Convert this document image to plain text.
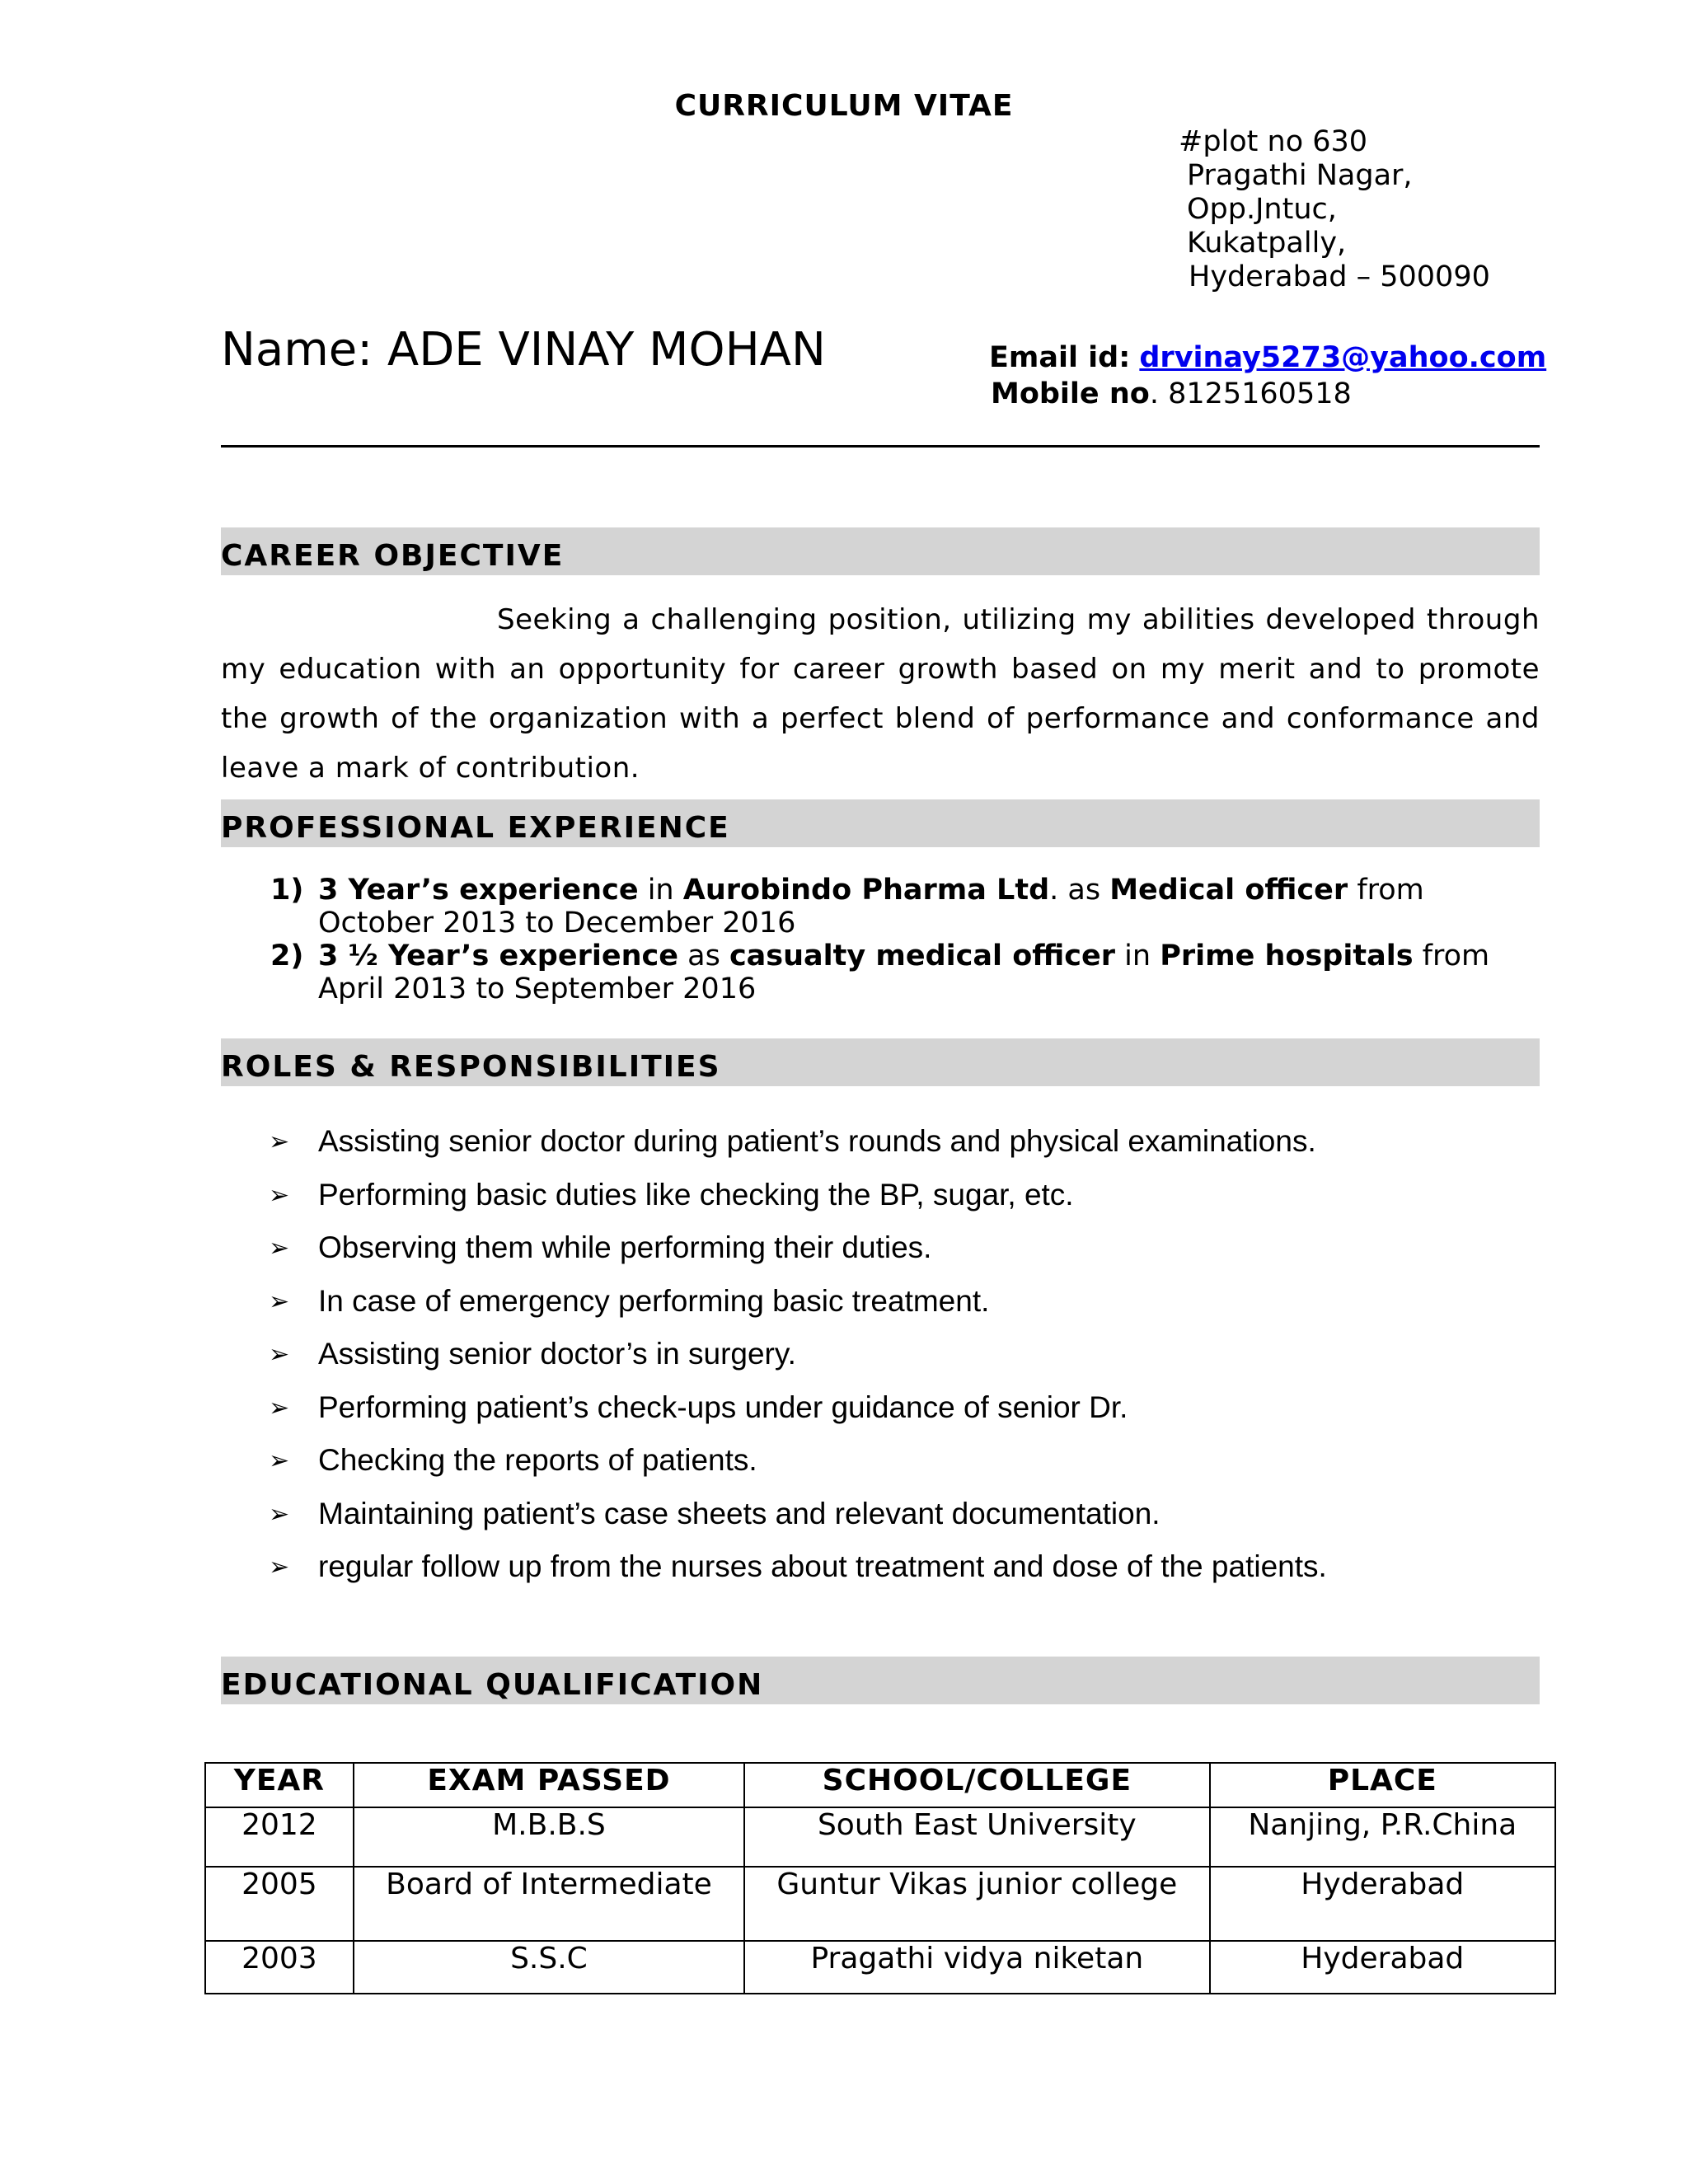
CURRICULUM VITAE
#plot no 630
Pragathi Nagar,
Opp.Jntuc,
Kukatpally,
Hyderabad – 500090
Name: ADE VINAY MOHAN	Email id: drvinay5273@yahoo.com
Mobile no. 8125160518
CAREER OBJECTIVE
Seeking a challenging position, utilizing my abilities developed through my education with an opportunity for career growth based on my merit and to promote the growth of the organization with a perfect blend of performance and conformance and leave a mark of contribution.
PROFESSIONAL EXPERIENCE
1) 3 Year’s experience in Aurobindo Pharma Ltd. as Medical officer from October 2013 to December 2016
2) 3 ½ Year’s experience as casualty medical officer in Prime hospitals from April 2013 to September 2016
ROLES & RESPONSIBILITIES
➢ Assisting senior doctor during patient’s rounds and physical examinations.
➢ Performing basic duties like checking the BP, sugar, etc.
➢ Observing them while performing their duties.
➢ In case of emergency performing basic treatment.
➢ Assisting senior doctor’s in surgery.
➢ Performing patient’s check-ups under guidance of senior Dr.
➢ Checking the reports of patients.
➢ Maintaining patient’s case sheets and relevant documentation.
➢ regular follow up from the nurses about treatment and dose of the patients.
EDUCATIONAL QUALIFICATION
YEAR	EXAM PASSED	SCHOOL/COLLEGE	PLACE
2012	M.B.B.S	South East University	Nanjing, P.R.China
2005	Board of Intermediate	Guntur Vikas junior college	Hyderabad
2003	S.S.C	Pragathi vidya niketan	Hyderabad
